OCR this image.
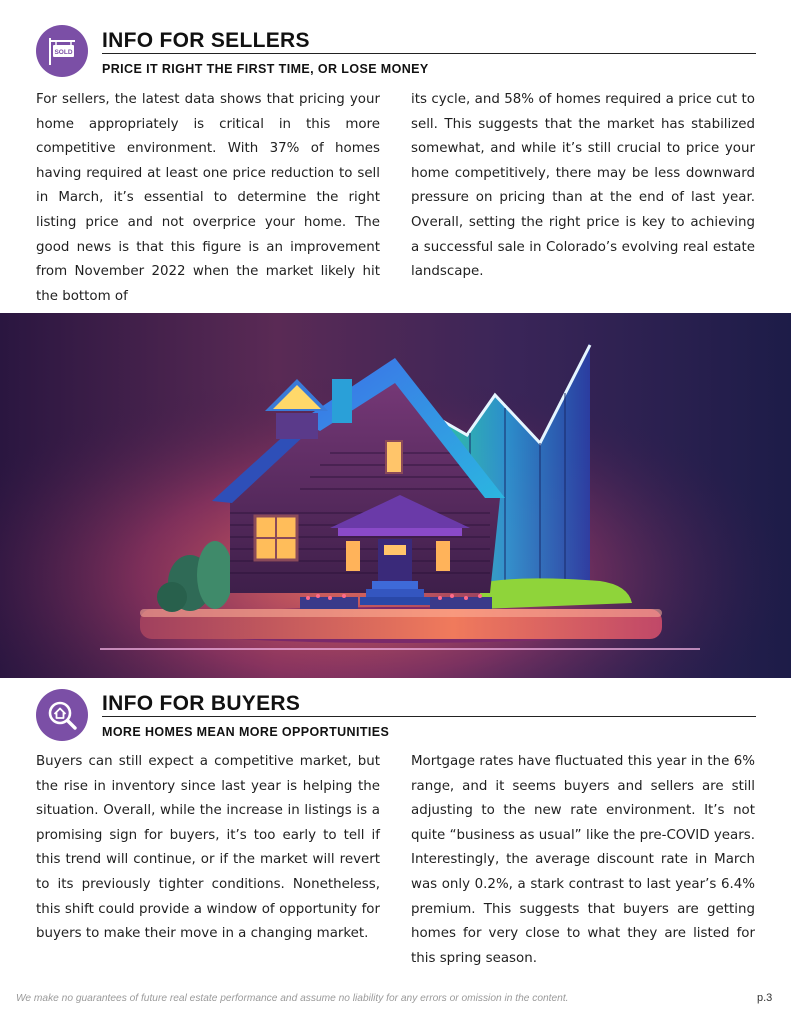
SOLD
INFO FOR SELLERS
PRICE IT RIGHT THE FIRST TIME, OR LOSE MONEY

For sellers, the latest data shows that pricing your home appropriately is critical in this more competitive environment. With 37% of homes having required at least one price reduction to sell in March, it’s essential to determine the right listing price and not overprice your home. The good news is that this figure is an improvement from November 2022 when the market likely hit the bottom of

its cycle, and 58% of homes required a price cut to sell. This suggests that the market has stabilized somewhat, and while it’s still crucial to price your home competitively, there may be less downward pressure on pricing than at the end of last year. Overall, setting the right price is key to achieving a successful sale in Colorado’s evolving real estate landscape.

INFO FOR BUYERS
MORE HOMES MEAN MORE OPPORTUNITIES

Buyers can still expect a competitive market, but the rise in inventory since last year is helping the situation. Overall, while the increase in listings is a promising sign for buyers, it’s too early to tell if this trend will continue, or if the market will revert to its previously tighter conditions. Nonetheless, this shift could provide a window of opportunity for buyers to make their move in a changing market.

Mortgage rates have fluctuated this year in the 6% range, and it seems buyers and sellers are still adjusting to the new rate environment. It’s not quite “business as usual” like the pre-COVID years. Interestingly, the average discount rate in March was only 0.2%, a stark contrast to last year’s 6.4% premium. This suggests that buyers are getting homes for very close to what they are listed for this spring season.

We make no guarantees of future real estate performance and assume no liability for any errors or omission in the content.	p.3
